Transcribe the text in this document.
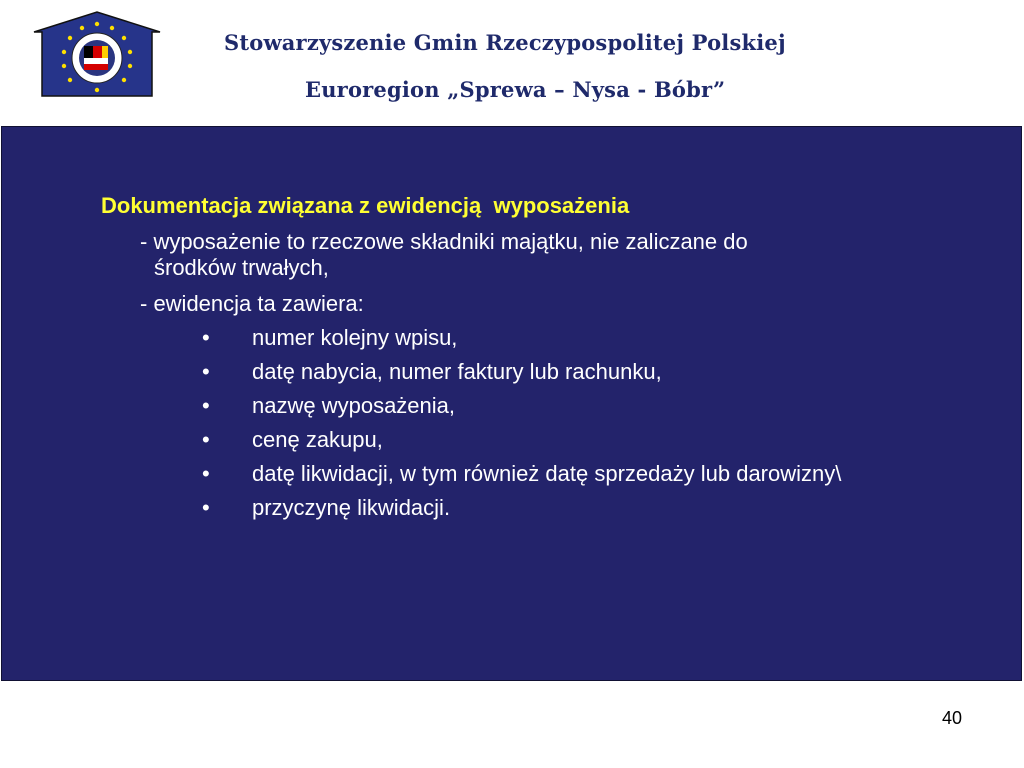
Stowarzyszenie Gmin Rzeczypospolitej Polskiej
Euroregion „Sprewa – Nysa - Bóbr”
Dokumentacja związana z ewidencją  wyposażenia
- wyposażenie to rzeczowe składniki majątku, nie zaliczane do
środków trwałych,
- ewidencja ta zawiera:
• numer kolejny wpisu,
• datę nabycia, numer faktury lub rachunku,
• nazwę wyposażenia,
• cenę zakupu,
• datę likwidacji, w tym również datę sprzedaży lub darowizny\
• przyczynę likwidacji.
40
